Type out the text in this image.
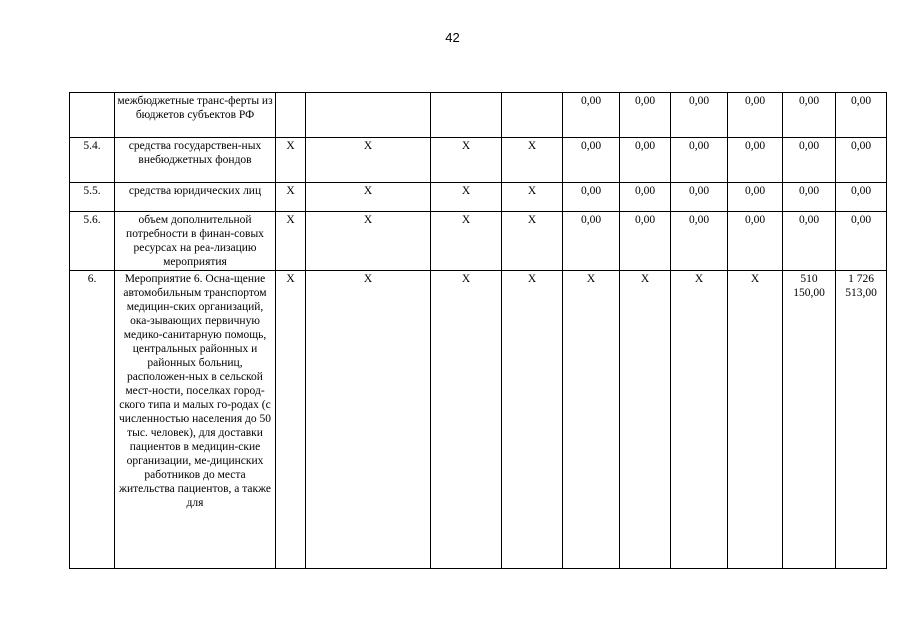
42
	межбюджетные транс-ферты из бюджетов субъектов РФ					0,00	0,00	0,00	0,00	0,00	0,00
5.4.	средства государствен-ных внебюджетных фондов	Х	Х	Х	Х	0,00	0,00	0,00	0,00	0,00	0,00
5.5.	средства юридических лиц	Х	Х	Х	Х	0,00	0,00	0,00	0,00	0,00	0,00
5.6.	объем дополнительной потребности в финан-совых ресурсах на реа-лизацию мероприятия	Х	Х	Х	Х	0,00	0,00	0,00	0,00	0,00	0,00
6.	Мероприятие 6. Осна-щение автомобильным транспортом медицин-ских организаций, ока-зывающих первичную медико-санитарную помощь, центральных районных и районных больниц, расположен-ных в сельской мест-ности, поселках город-ского типа и малых го-родах (с численностью населения до 50 тыс. человек), для доставки пациентов в медицин-ские организации, ме-дицинских работников до места жительства пациентов, а также для	Х	Х	Х	Х	Х	Х	Х	Х	510 150,00	1 726 513,00
